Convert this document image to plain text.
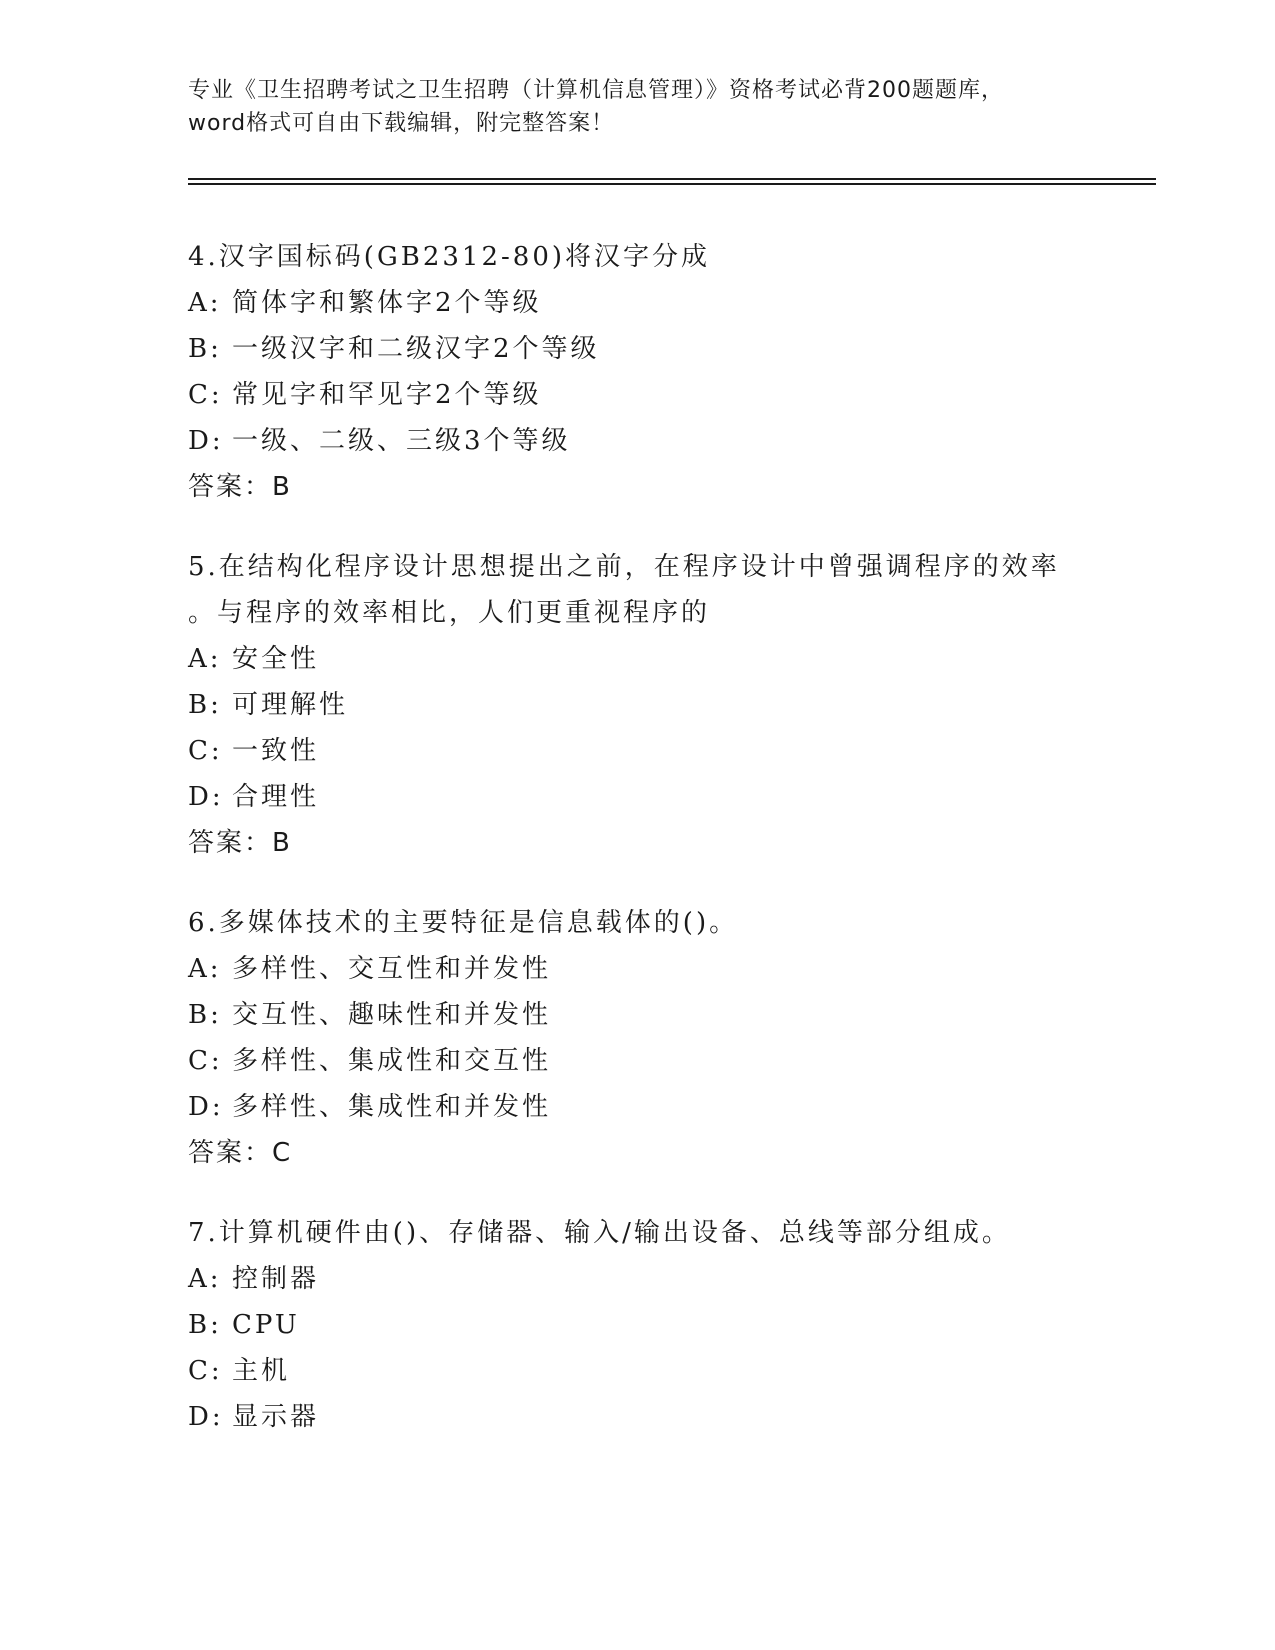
专业《卫生招聘考试之卫生招聘（计算机信息管理）》资格考试必背200题题库，
word格式可自由下载编辑，附完整答案！
4.汉字国标码(GB2312-80)将汉字分成
A: 简体字和繁体字2个等级
B: 一级汉字和二级汉字2个等级
C: 常见字和罕见字2个等级
D: 一级、二级、三级3个等级
答案：B
5.在结构化程序设计思想提出之前，在程序设计中曾强调程序的效率
。与程序的效率相比，人们更重视程序的
A: 安全性
B: 可理解性
C: 一致性
D: 合理性
答案：B
6.多媒体技术的主要特征是信息载体的()。
A: 多样性、交互性和并发性
B: 交互性、趣味性和并发性
C: 多样性、集成性和交互性
D: 多样性、集成性和并发性
答案：C
7.计算机硬件由()、存储器、输入/输出设备、总线等部分组成。
A: 控制器
B: CPU
C: 主机
D: 显示器
